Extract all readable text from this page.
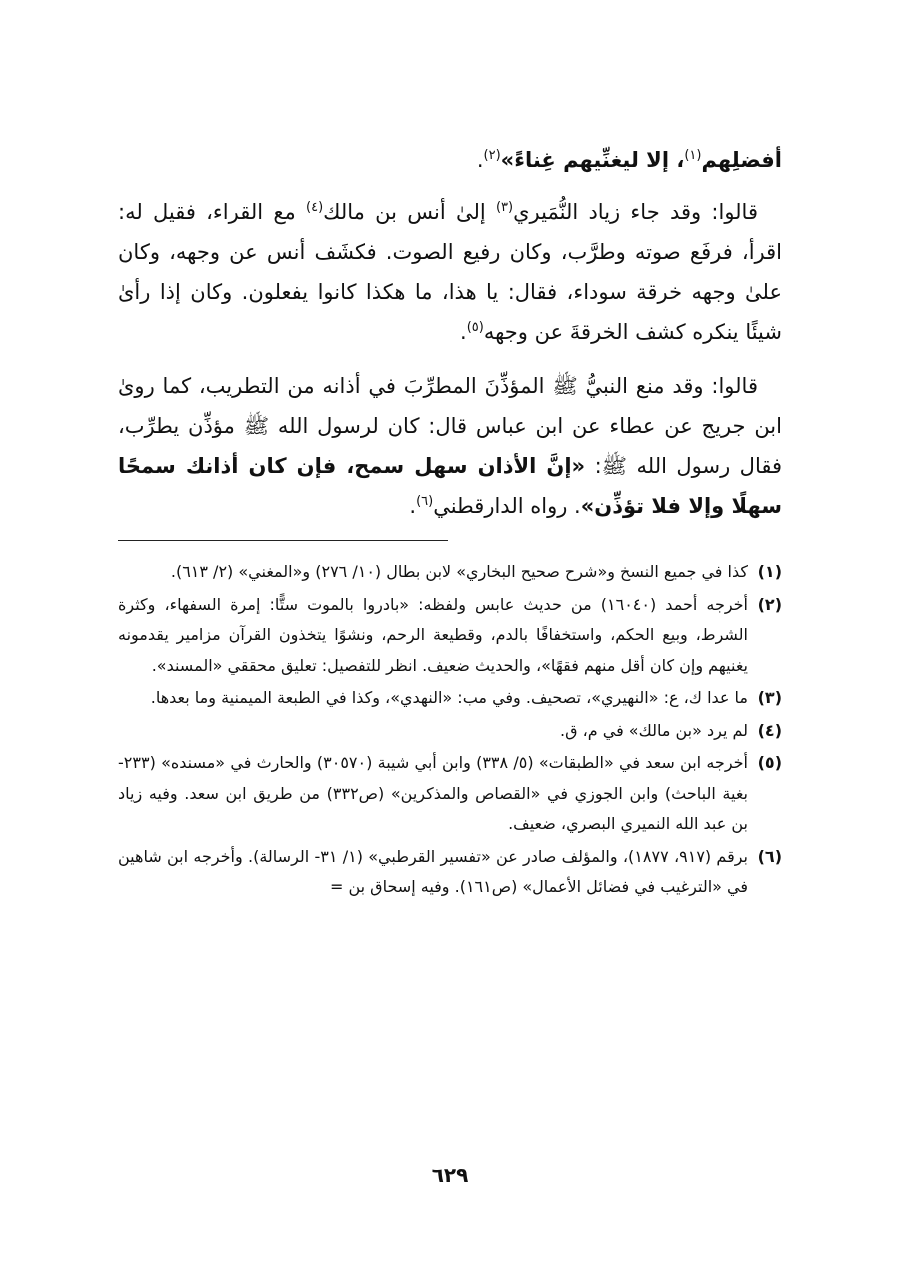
أفضلِهم$^{(١)}$، إلا ليغنِّيهم غِناءً»$^{(٢)}$.

قالوا: وقد جاء زياد النُّمَيري$^{(٣)}$ إلىٰ أنس بن مالك$^{(٤)}$ مع القراء، فقيل له: اقرأ، فرفَع صوته وطرَّب، وكان رفيع الصوت. فكشَف أنس عن وجهه، وكان علىٰ وجهه خرقة سوداء، فقال: يا هذا، ما هكذا كانوا يفعلون. وكان إذا رأىٰ شيئًا ينكره كشف الخرقةَ عن وجهه$^{(٥)}$.

قالوا: وقد منع النبيُّ ﷺ المؤذِّنَ المطرِّبَ في أذانه من التطريب، كما روىٰ ابن جريج عن عطاء عن ابن عباس قال: كان لرسول الله ﷺ مؤذِّن يطرِّب، فقال رسول الله ﷺ: «إنَّ الأذان سهل سمح، فإن كان أذانك سمحًا سهلًا وإلا فلا تؤذِّن». رواه الدارقطني$^{(٦)}$.

(١)
كذا في جميع النسخ و«شرح صحيح البخاري» لابن بطال (١٠/ ٢٧٦) و«المغني» (٢/ ٦١٣).
(٢)
أخرجه أحمد (١٦٠٤٠) من حديث عابس ولفظه: «بادروا بالموت ستًّا: إمرة السفهاء، وكثرة الشرط، وبيع الحكم، واستخفافًا بالدم، وقطيعة الرحم، ونشوًا يتخذون القرآن مزامير يقدمونه يغنيهم وإن كان أقل منهم فقهًا»، والحديث ضعيف. انظر للتفصيل: تعليق محققي «المسند».
(٣)
ما عدا ك، ع: «النهيري»، تصحيف. وفي مب: «النهدي»، وكذا في الطبعة الميمنية وما بعدها.
(٤)
لم يرد «بن مالك» في م، ق.
(٥)
أخرجه ابن سعد في «الطبقات» (٥/ ٣٣٨) وابن أبي شيبة (٣٠٥٧٠) والحارث في «مسنده» (٢٣٣- بغية الباحث) وابن الجوزي في «القصاص والمذكرين» (ص٣٣٢) من طريق ابن سعد. وفيه زياد بن عبد الله النميري البصري، ضعيف.
(٦)
برقم (٩١٧، ١٨٧٧)، والمؤلف صادر عن «تفسير القرطبي» (١/ ٣١- الرسالة). وأخرجه ابن شاهين في «الترغيب في فضائل الأعمال» (ص١٦١). وفيه إسحاق بن =
٦٢٩
